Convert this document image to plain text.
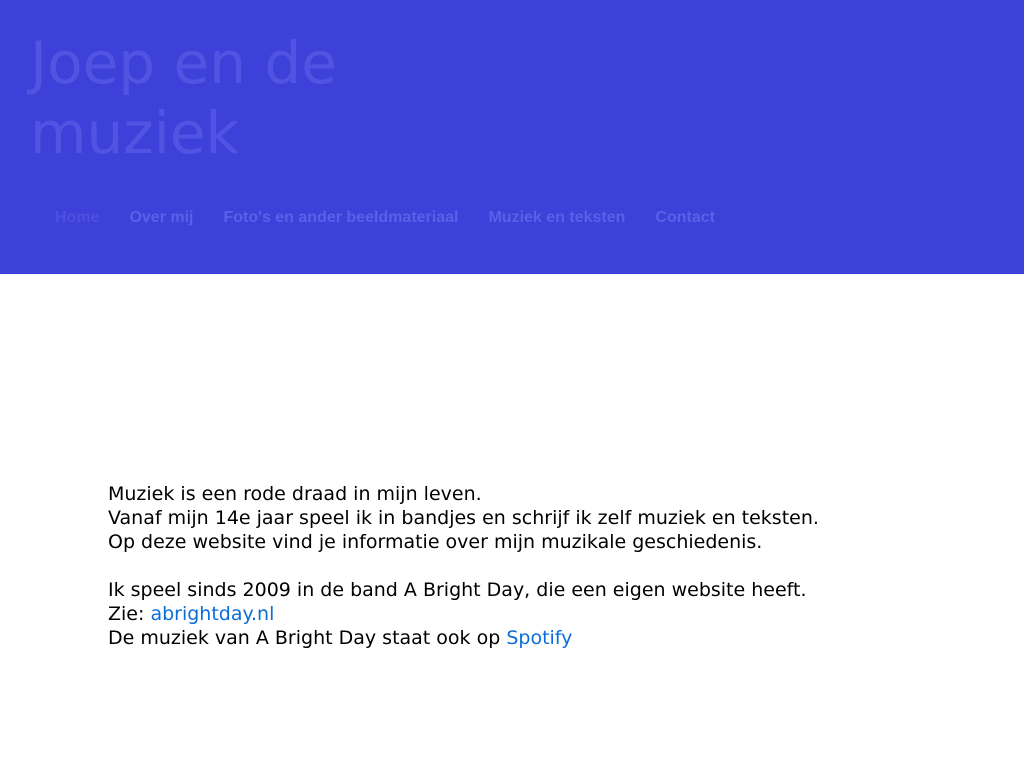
Joep en de muziek
Home	Over mij	Foto's en ander beeldmateriaal	Muziek en teksten	Contact

Muziek is een rode draad in mijn leven.

Vanaf mijn 14e jaar speel ik in bandjes en schrijf ik zelf muziek en teksten.

Op deze website vind je informatie over mijn muzikale geschiedenis.

Ik speel sinds 2009 in de band A Bright Day, die een eigen website heeft.

Zie: abrightday.nl

De muziek van A Bright Day staat ook op Spotify
